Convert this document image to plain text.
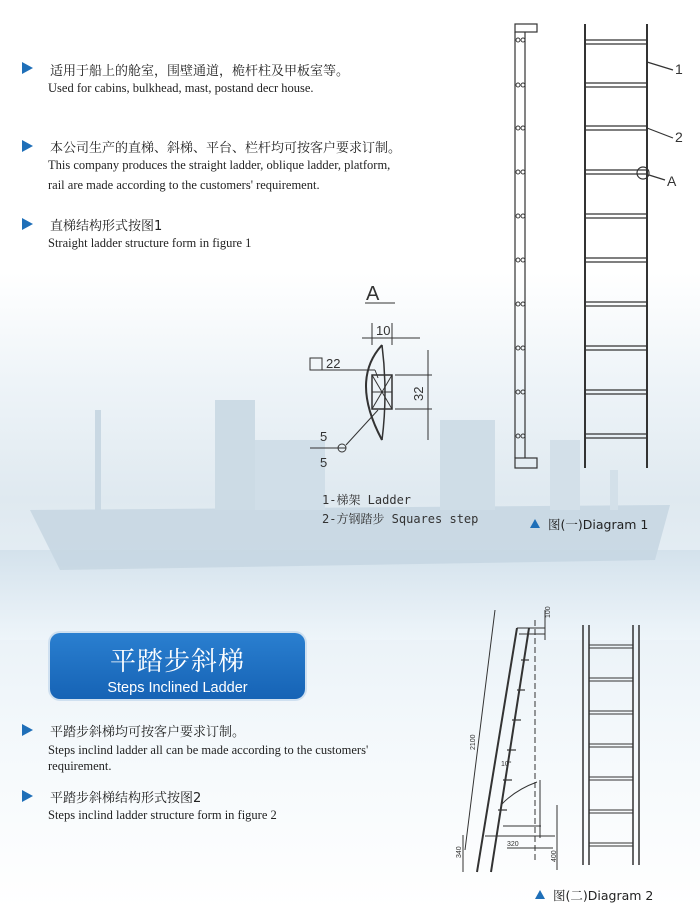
适用于船上的舱室，围壁通道，桅杆柱及甲板室等。
Used for cabins, bulkhead, mast, postand decr house.
本公司生产的直梯、斜梯、平台、栏杆均可按客户要求订制。
This company produces the straight ladder, oblique ladder, platform,
rail are made according to the customers' requirement.
直梯结构形式按图1
Straight ladder structure form in figure 1
A
10
22
32
5
5
1-梯架 Ladder
2-方钢踏步 Squares step
1
2
A
图(一)Diagram 1
平踏步斜梯
Steps Inclined Ladder
平踏步斜梯均可按客户要求订制。
Steps inclind ladder all can be made according to the customers'
requirement.
平踏步斜梯结构形式按图2
Steps inclind ladder structure form in figure 2
100
2100
10°
320
340	400
图(二)Diagram 2
